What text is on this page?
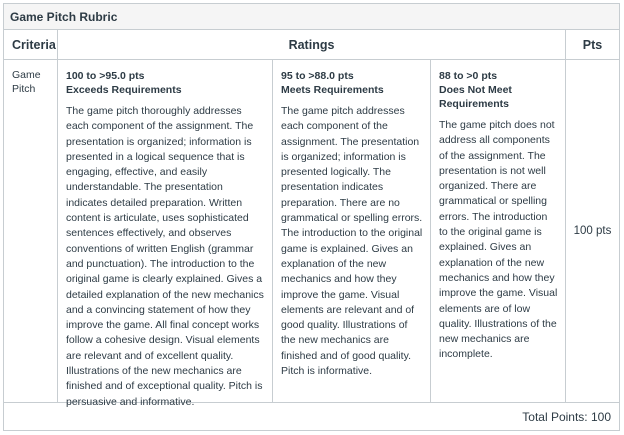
Game Pitch Rubric
Criteria	Ratings	Pts
Game Pitch
100 to >95.0 pts
Exceeds Requirements
The game pitch thoroughly addresses each component of the assignment. The presentation is organized; information is presented in a logical sequence that is engaging, effective, and easily understandable. The presentation indicates detailed preparation. Written content is articulate, uses sophisticated sentences effectively, and observes conventions of written English (grammar and punctuation). The introduction to the original game is clearly explained. Gives a detailed explanation of the new mechanics and a convincing statement of how they improve the game. All final concept works follow a cohesive design. Visual elements are relevant and of excellent quality. Illustrations of the new mechanics are finished and of exceptional quality. Pitch is persuasive and informative.
95 to >88.0 pts
Meets Requirements
The game pitch addresses each component of the assignment. The presentation is organized; information is presented logically. The presentation indicates preparation. There are no grammatical or spelling errors. The introduction to the original game is explained. Gives an explanation of the new mechanics and how they improve the game. Visual elements are relevant and of good quality. Illustrations of the new mechanics are finished and of good quality. Pitch is informative.
88 to >0 pts
Does Not Meet Requirements
The game pitch does not address all components of the assignment. The presentation is not well organized. There are grammatical or spelling errors. The introduction to the original game is explained. Gives an explanation of the new mechanics and how they improve the game. Visual elements are of low quality. Illustrations of the new mechanics are incomplete.
100 pts
Total Points: 100
